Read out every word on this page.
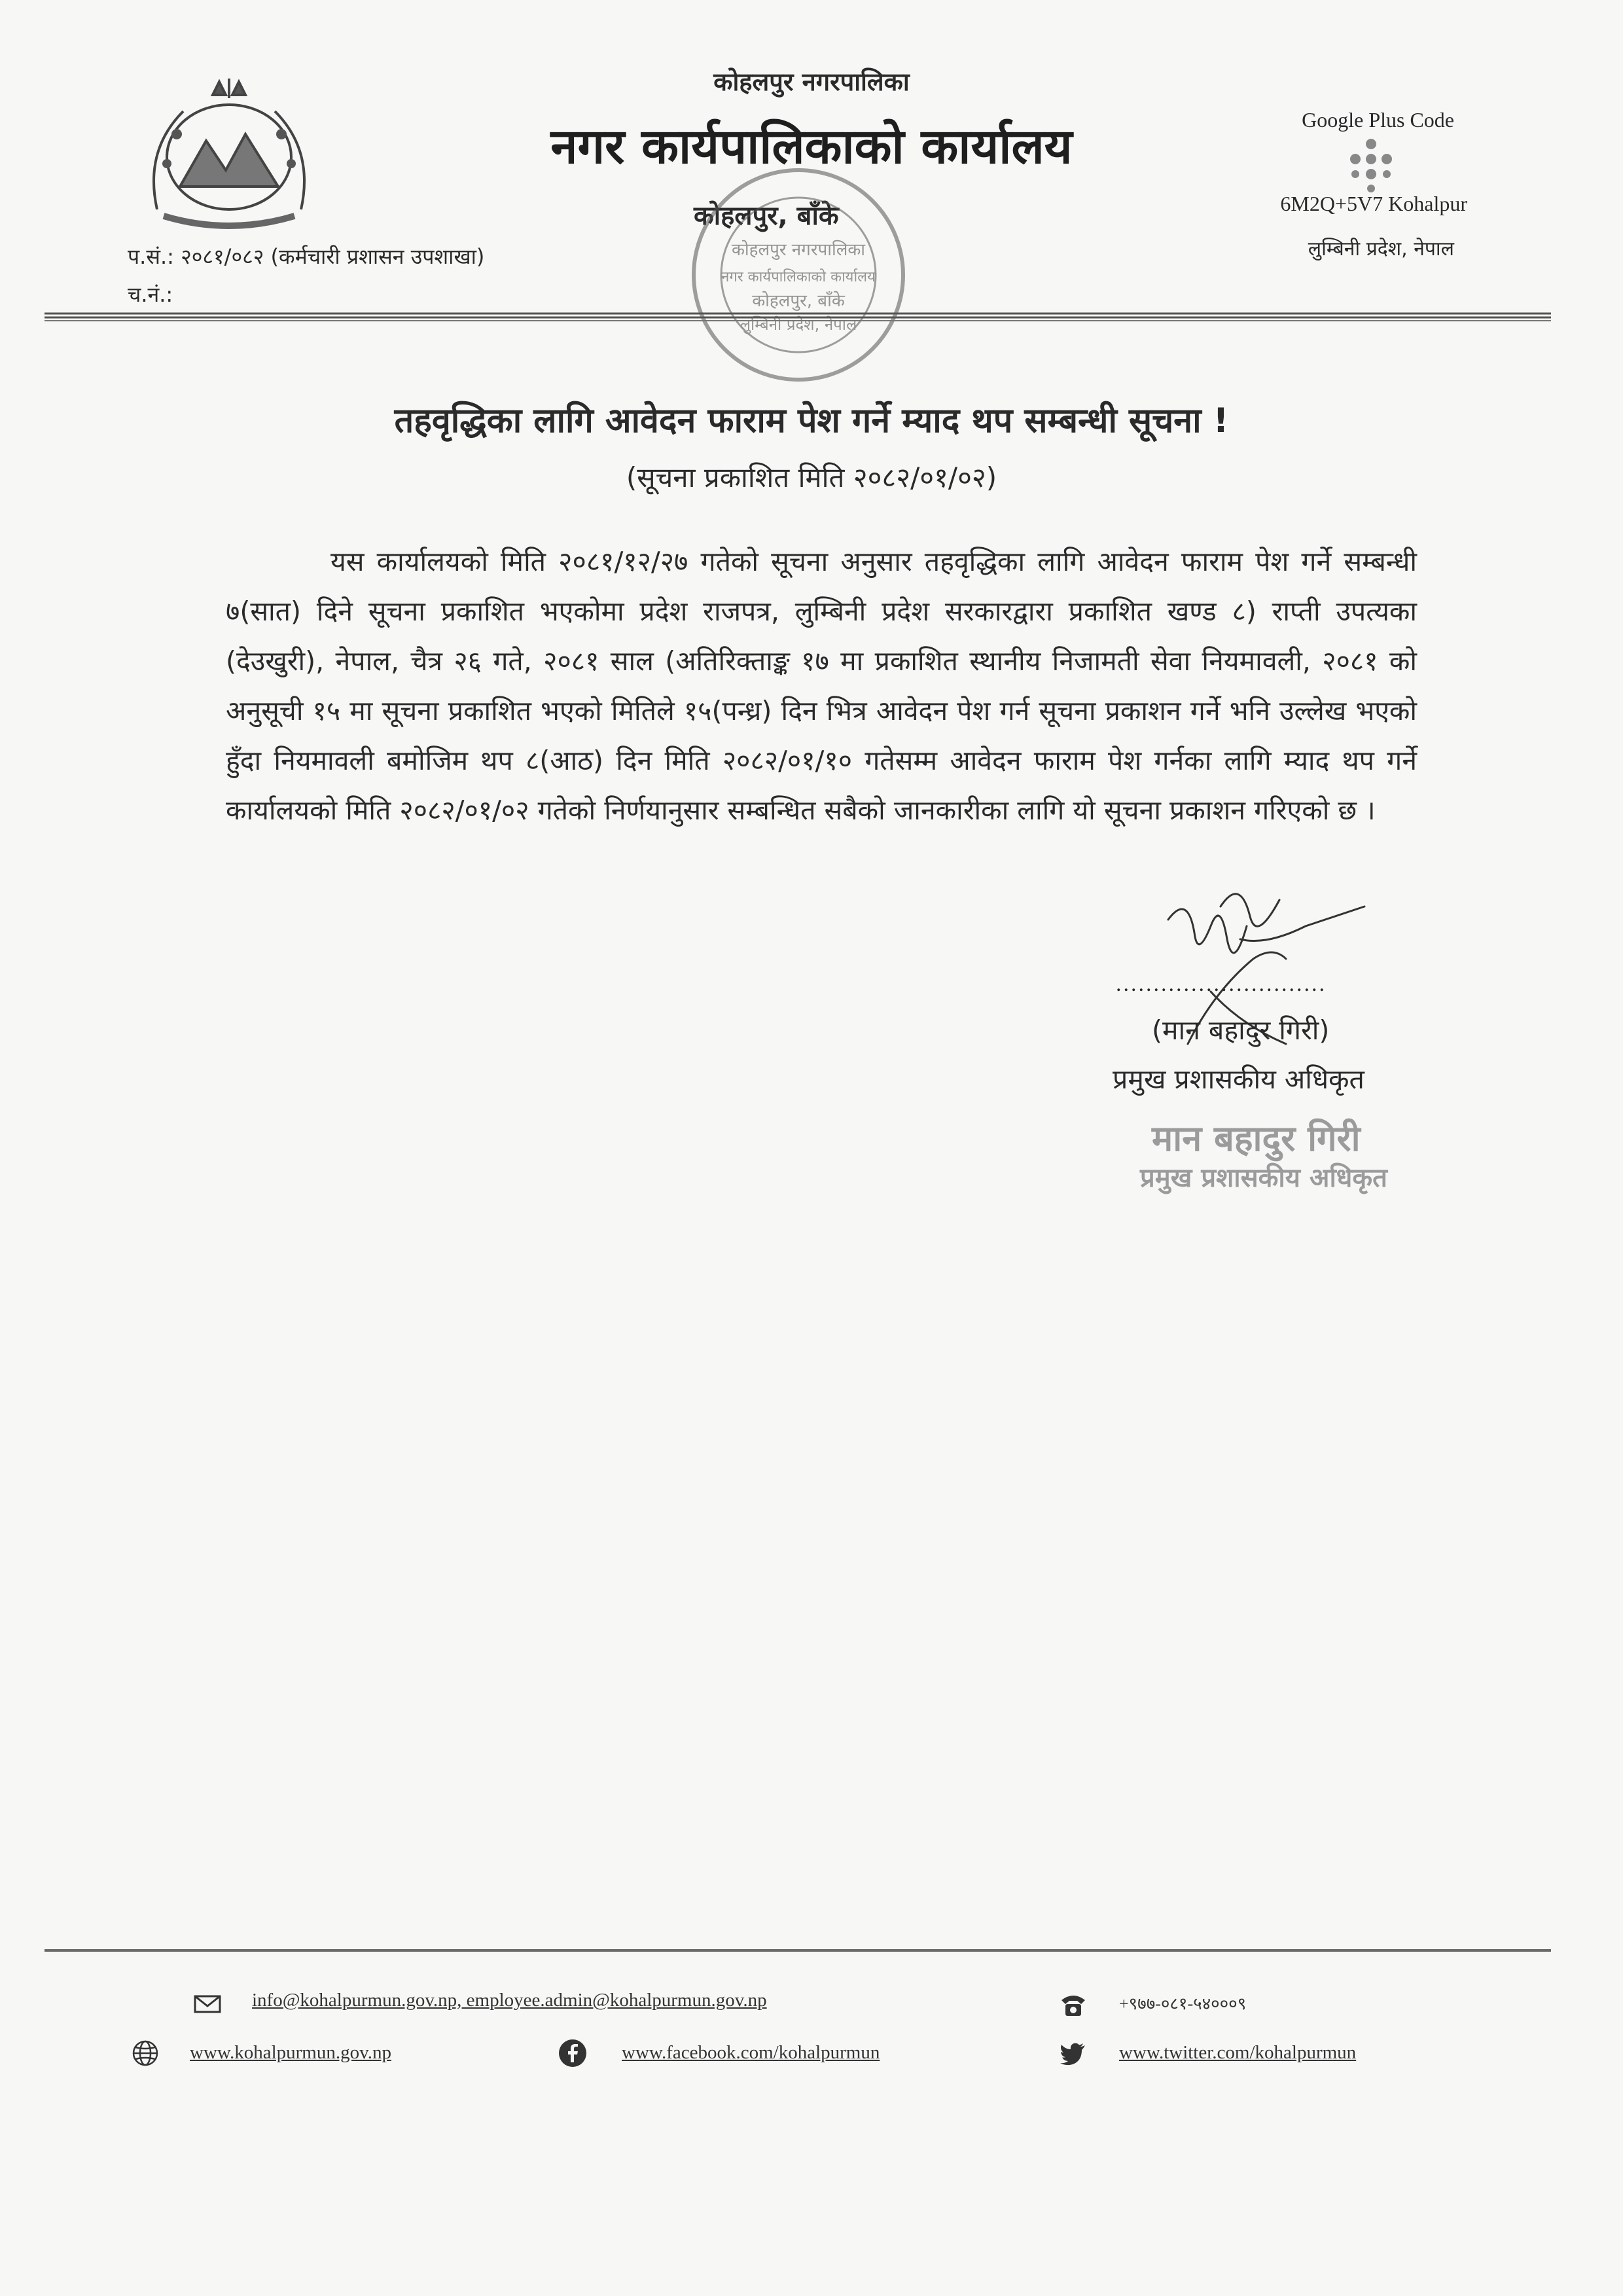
कोहलपुर नगरपालिका
नगर कार्यपालिकाको कार्यालय
कोहलपुर, बाँके
प.सं.: २०८१/०८२ (कर्मचारी प्रशासन उपशाखा)
च.नं.:
Google Plus Code
6M2Q+5V7 Kohalpur
लुम्बिनी प्रदेश, नेपाल
कोहलपुर नगरपालिका
नगर कार्यपालिकाको कार्यालय
कोहलपुर, बाँके
लुम्बिनी प्रदेश, नेपाल
तहवृद्धिका लागि आवेदन फाराम पेश गर्ने म्याद थप सम्बन्धी सूचना !
(सूचना प्रकाशित मिति २०८२/०१/०२)
यस कार्यालयको मिति २०८१/१२/२७ गतेको सूचना अनुसार तहवृद्धिका लागि आवेदन फाराम पेश गर्ने सम्बन्धी ७(सात) दिने सूचना प्रकाशित भएकोमा प्रदेश राजपत्र, लुम्बिनी प्रदेश सरकारद्वारा प्रकाशित खण्ड ८) राप्ती उपत्यका (देउखुरी), नेपाल, चैत्र २६ गते, २०८१ साल (अतिरिक्ताङ्क १७ मा प्रकाशित स्थानीय निजामती सेवा नियमावली, २०८१ को अनुसूची १५ मा सूचना प्रकाशित भएको मितिले १५(पन्ध्र) दिन भित्र आवेदन पेश गर्न सूचना प्रकाशन गर्ने भनि उल्लेख भएको हुँदा नियमावली बमोजिम थप ८(आठ) दिन मिति २०८२/०१/१० गतेसम्म आवेदन फाराम पेश गर्नका लागि म्याद थप गर्ने कार्यालयको मिति २०८२/०१/०२ गतेको निर्णयानुसार सम्बन्धित सबैको जानकारीका लागि यो सूचना प्रकाशन गरिएको छ ।
............................
(मान बहादुर गिरी)
प्रमुख प्रशासकीय अधिकृत
मान बहादुर गिरी
प्रमुख प्रशासकीय अधिकृत
info@kohalpurmun.gov.np, employee.admin@kohalpurmun.gov.np	+९७७-०८१-५४०००९
www.kohalpurmun.gov.np	www.facebook.com/kohalpurmun	www.twitter.com/kohalpurmun
